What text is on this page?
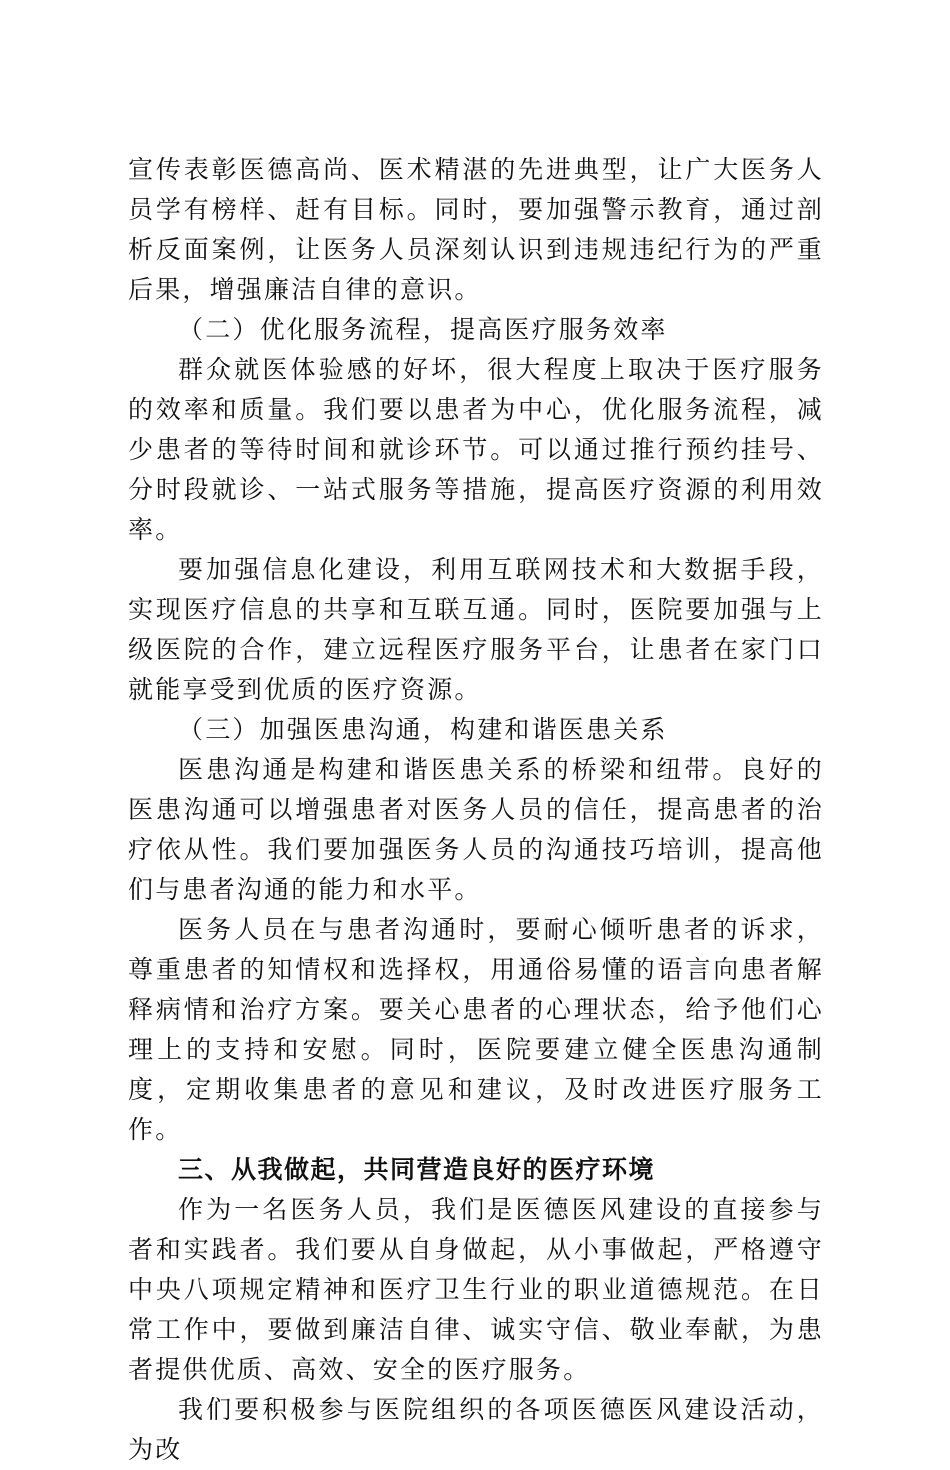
宣传表彰医德高尚、医术精湛的先进典型，让广大医务人员学有榜样、赶有目标。同时，要加强警示教育，通过剖析反面案例，让医务人员深刻认识到违规违纪行为的严重后果，增强廉洁自律的意识。

（二）优化服务流程，提高医疗服务效率

群众就医体验感的好坏，很大程度上取决于医疗服务的效率和质量。我们要以患者为中心，优化服务流程，减少患者的等待时间和就诊环节。可以通过推行预约挂号、分时段就诊、一站式服务等措施，提高医疗资源的利用效率。

要加强信息化建设，利用互联网技术和大数据手段，实现医疗信息的共享和互联互通。同时，医院要加强与上级医院的合作，建立远程医疗服务平台，让患者在家门口就能享受到优质的医疗资源。

（三）加强医患沟通，构建和谐医患关系

医患沟通是构建和谐医患关系的桥梁和纽带。良好的医患沟通可以增强患者对医务人员的信任，提高患者的治疗依从性。我们要加强医务人员的沟通技巧培训，提高他们与患者沟通的能力和水平。

医务人员在与患者沟通时，要耐心倾听患者的诉求，尊重患者的知情权和选择权，用通俗易懂的语言向患者解释病情和治疗方案。要关心患者的心理状态，给予他们心理上的支持和安慰。同时，医院要建立健全医患沟通制度，定期收集患者的意见和建议，及时改进医疗服务工作。

三、从我做起，共同营造良好的医疗环境

作为一名医务人员，我们是医德医风建设的直接参与者和实践者。我们要从自身做起，从小事做起，严格遵守中央八项规定精神和医疗卫生行业的职业道德规范。在日常工作中，要做到廉洁自律、诚实守信、敬业奉献，为患者提供优质、高效、安全的医疗服务。

我们要积极参与医院组织的各项医德医风建设活动，为改
